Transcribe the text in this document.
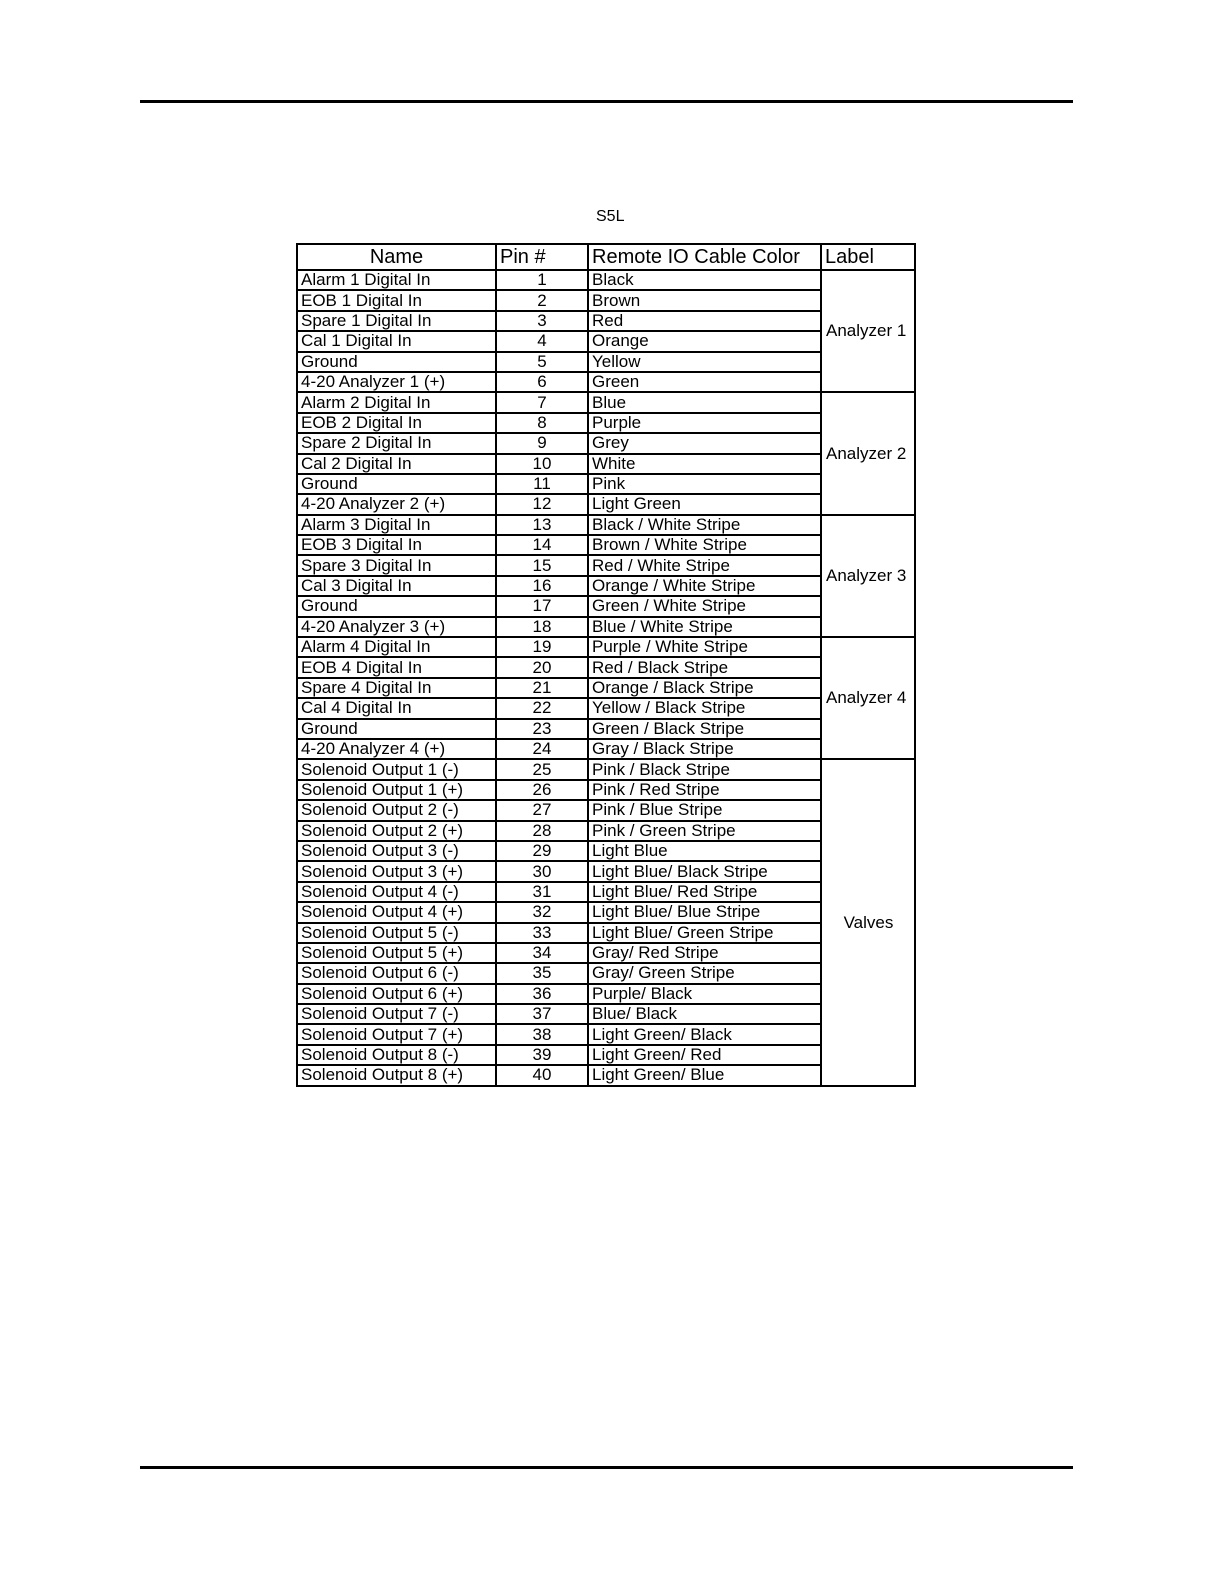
S5L
Name	Pin #	Remote IO Cable Color	Label
Alarm 1 Digital In	1	Black	Analyzer 1
EOB 1 Digital In	2	Brown	
Spare 1 Digital In	3	Red	
Cal 1 Digital In	4	Orange	
Ground	5	Yellow	
4-20 Analyzer 1 (+)	6	Green	
Alarm 2 Digital In	7	Blue	Analyzer 2
EOB 2 Digital In	8	Purple	
Spare 2 Digital In	9	Grey	
Cal 2 Digital In	10	White	
Ground	11	Pink	
4-20 Analyzer 2 (+)	12	Light Green	
Alarm 3 Digital In	13	Black / White Stripe	Analyzer 3
EOB 3 Digital In	14	Brown / White Stripe	
Spare 3 Digital In	15	Red / White Stripe	
Cal 3 Digital In	16	Orange / White Stripe	
Ground	17	Green / White Stripe	
4-20 Analyzer 3 (+)	18	Blue / White Stripe	
Alarm 4 Digital In	19	Purple / White Stripe	Analyzer 4
EOB 4 Digital In	20	Red / Black Stripe	
Spare 4 Digital In	21	Orange / Black Stripe	
Cal 4 Digital In	22	Yellow / Black Stripe	
Ground	23	Green / Black Stripe	
4-20 Analyzer 4 (+)	24	Gray / Black Stripe	
Solenoid Output 1 (-)	25	Pink / Black Stripe	Valves
Solenoid Output 1 (+)	26	Pink / Red Stripe	
Solenoid Output 2 (-)	27	Pink / Blue Stripe	
Solenoid Output 2 (+)	28	Pink / Green Stripe	
Solenoid Output 3 (-)	29	Light Blue	
Solenoid Output 3 (+)	30	Light Blue/ Black Stripe	
Solenoid Output 4 (-)	31	Light Blue/ Red Stripe	
Solenoid Output 4 (+)	32	Light Blue/ Blue Stripe	
Solenoid Output 5 (-)	33	Light Blue/ Green Stripe	
Solenoid Output 5 (+)	34	Gray/ Red Stripe	
Solenoid Output 6 (-)	35	Gray/ Green Stripe	
Solenoid Output 6 (+)	36	Purple/ Black	
Solenoid Output 7 (-)	37	Blue/ Black	
Solenoid Output 7 (+)	38	Light Green/ Black	
Solenoid Output 8 (-)	39	Light Green/ Red	
Solenoid Output 8 (+)	40	Light Green/ Blue	
